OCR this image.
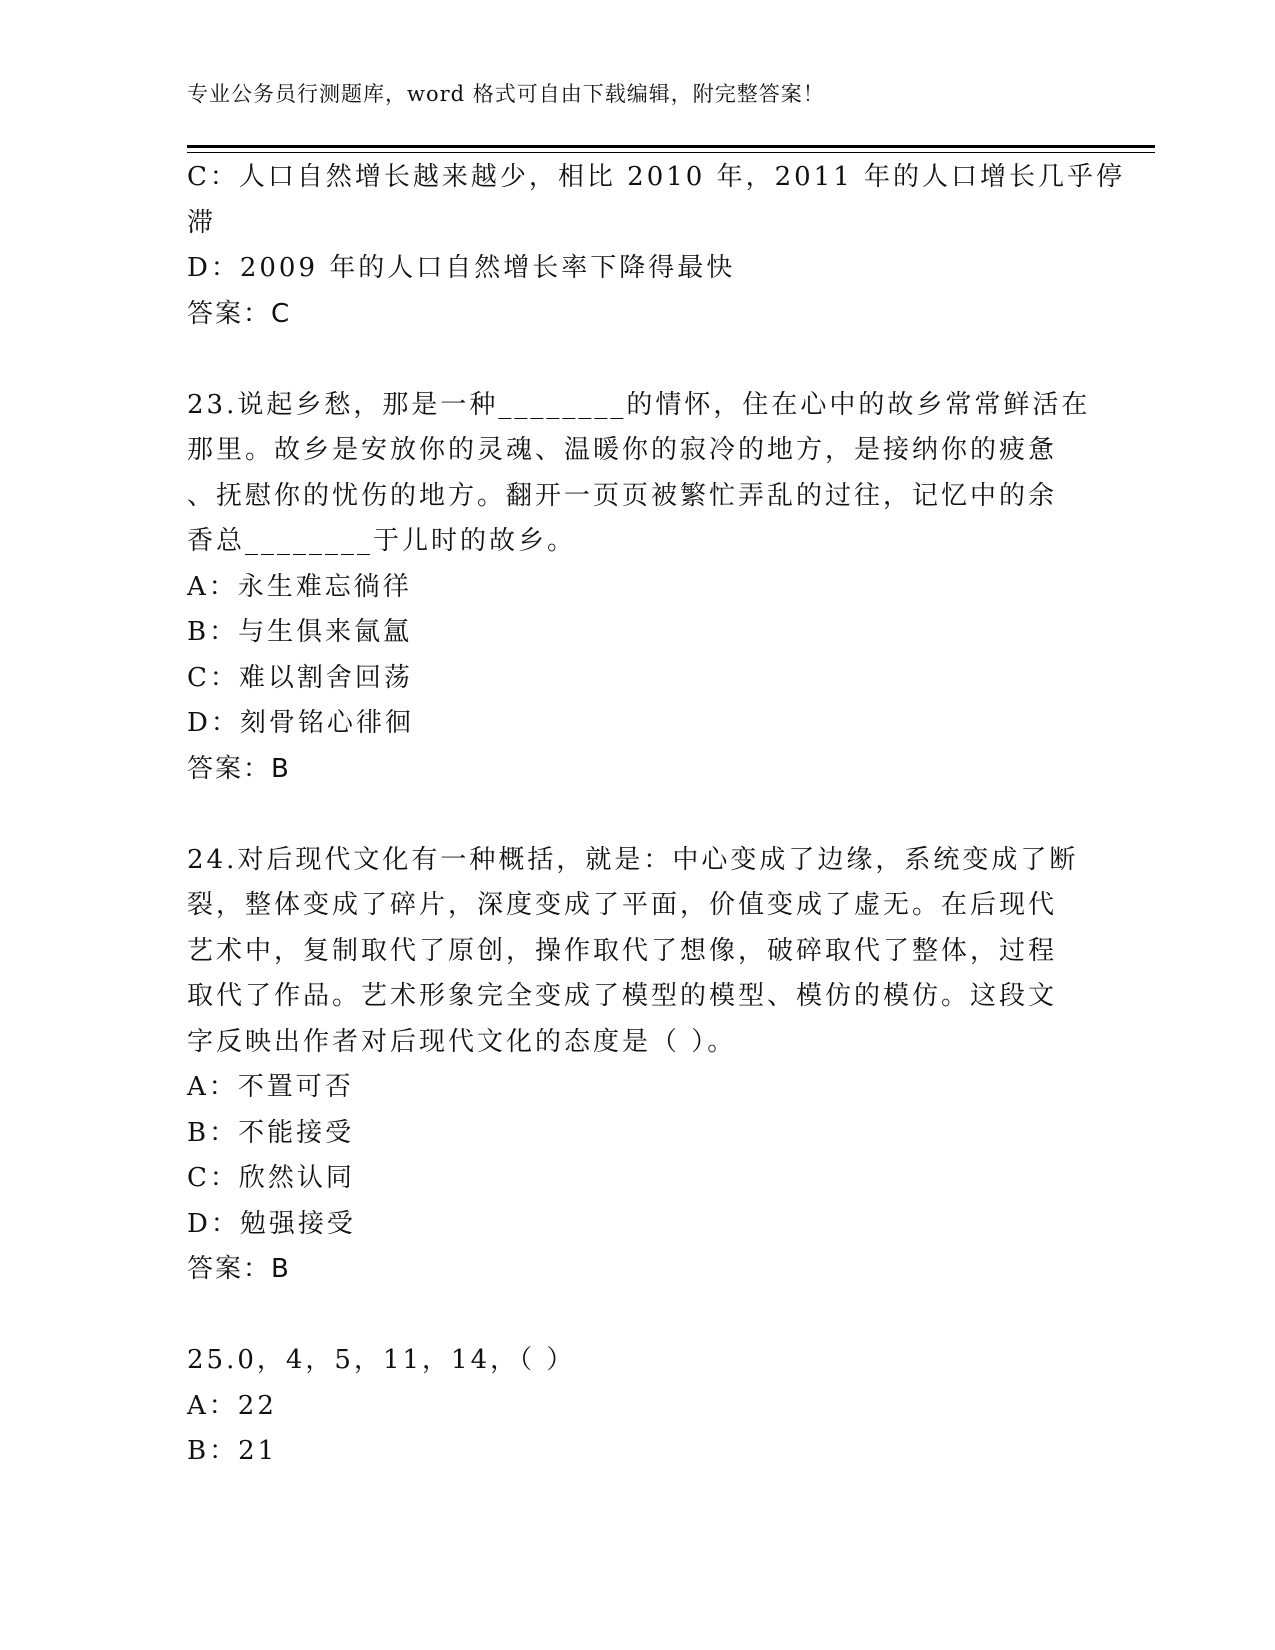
专业公务员行测题库，word 格式可自由下载编辑，附完整答案！
C：人口自然增长越来越少，相比 2010 年，2011 年的人口增长几乎停
滞
D：2009 年的人口自然增长率下降得最快
答案：C
23.说起乡愁，那是一种________的情怀，住在心中的故乡常常鲜活在
那里。故乡是安放你的灵魂、温暖你的寂冷的地方，是接纳你的疲惫
、抚慰你的忧伤的地方。翻开一页页被繁忙弄乱的过往，记忆中的余
香总________于儿时的故乡。
A：永生难忘徜徉
B：与生俱来氤氲
C：难以割舍回荡
D：刻骨铭心徘徊
答案：B
24.对后现代文化有一种概括，就是：中心变成了边缘，系统变成了断
裂，整体变成了碎片，深度变成了平面，价值变成了虚无。在后现代
艺术中，复制取代了原创，操作取代了想像，破碎取代了整体，过程
取代了作品。艺术形象完全变成了模型的模型、模仿的模仿。这段文
字反映出作者对后现代文化的态度是（ ）。
A：不置可否
B：不能接受
C：欣然认同
D：勉强接受
答案：B
25.0，4，5，11，14，（ ）
A：22
B：21
